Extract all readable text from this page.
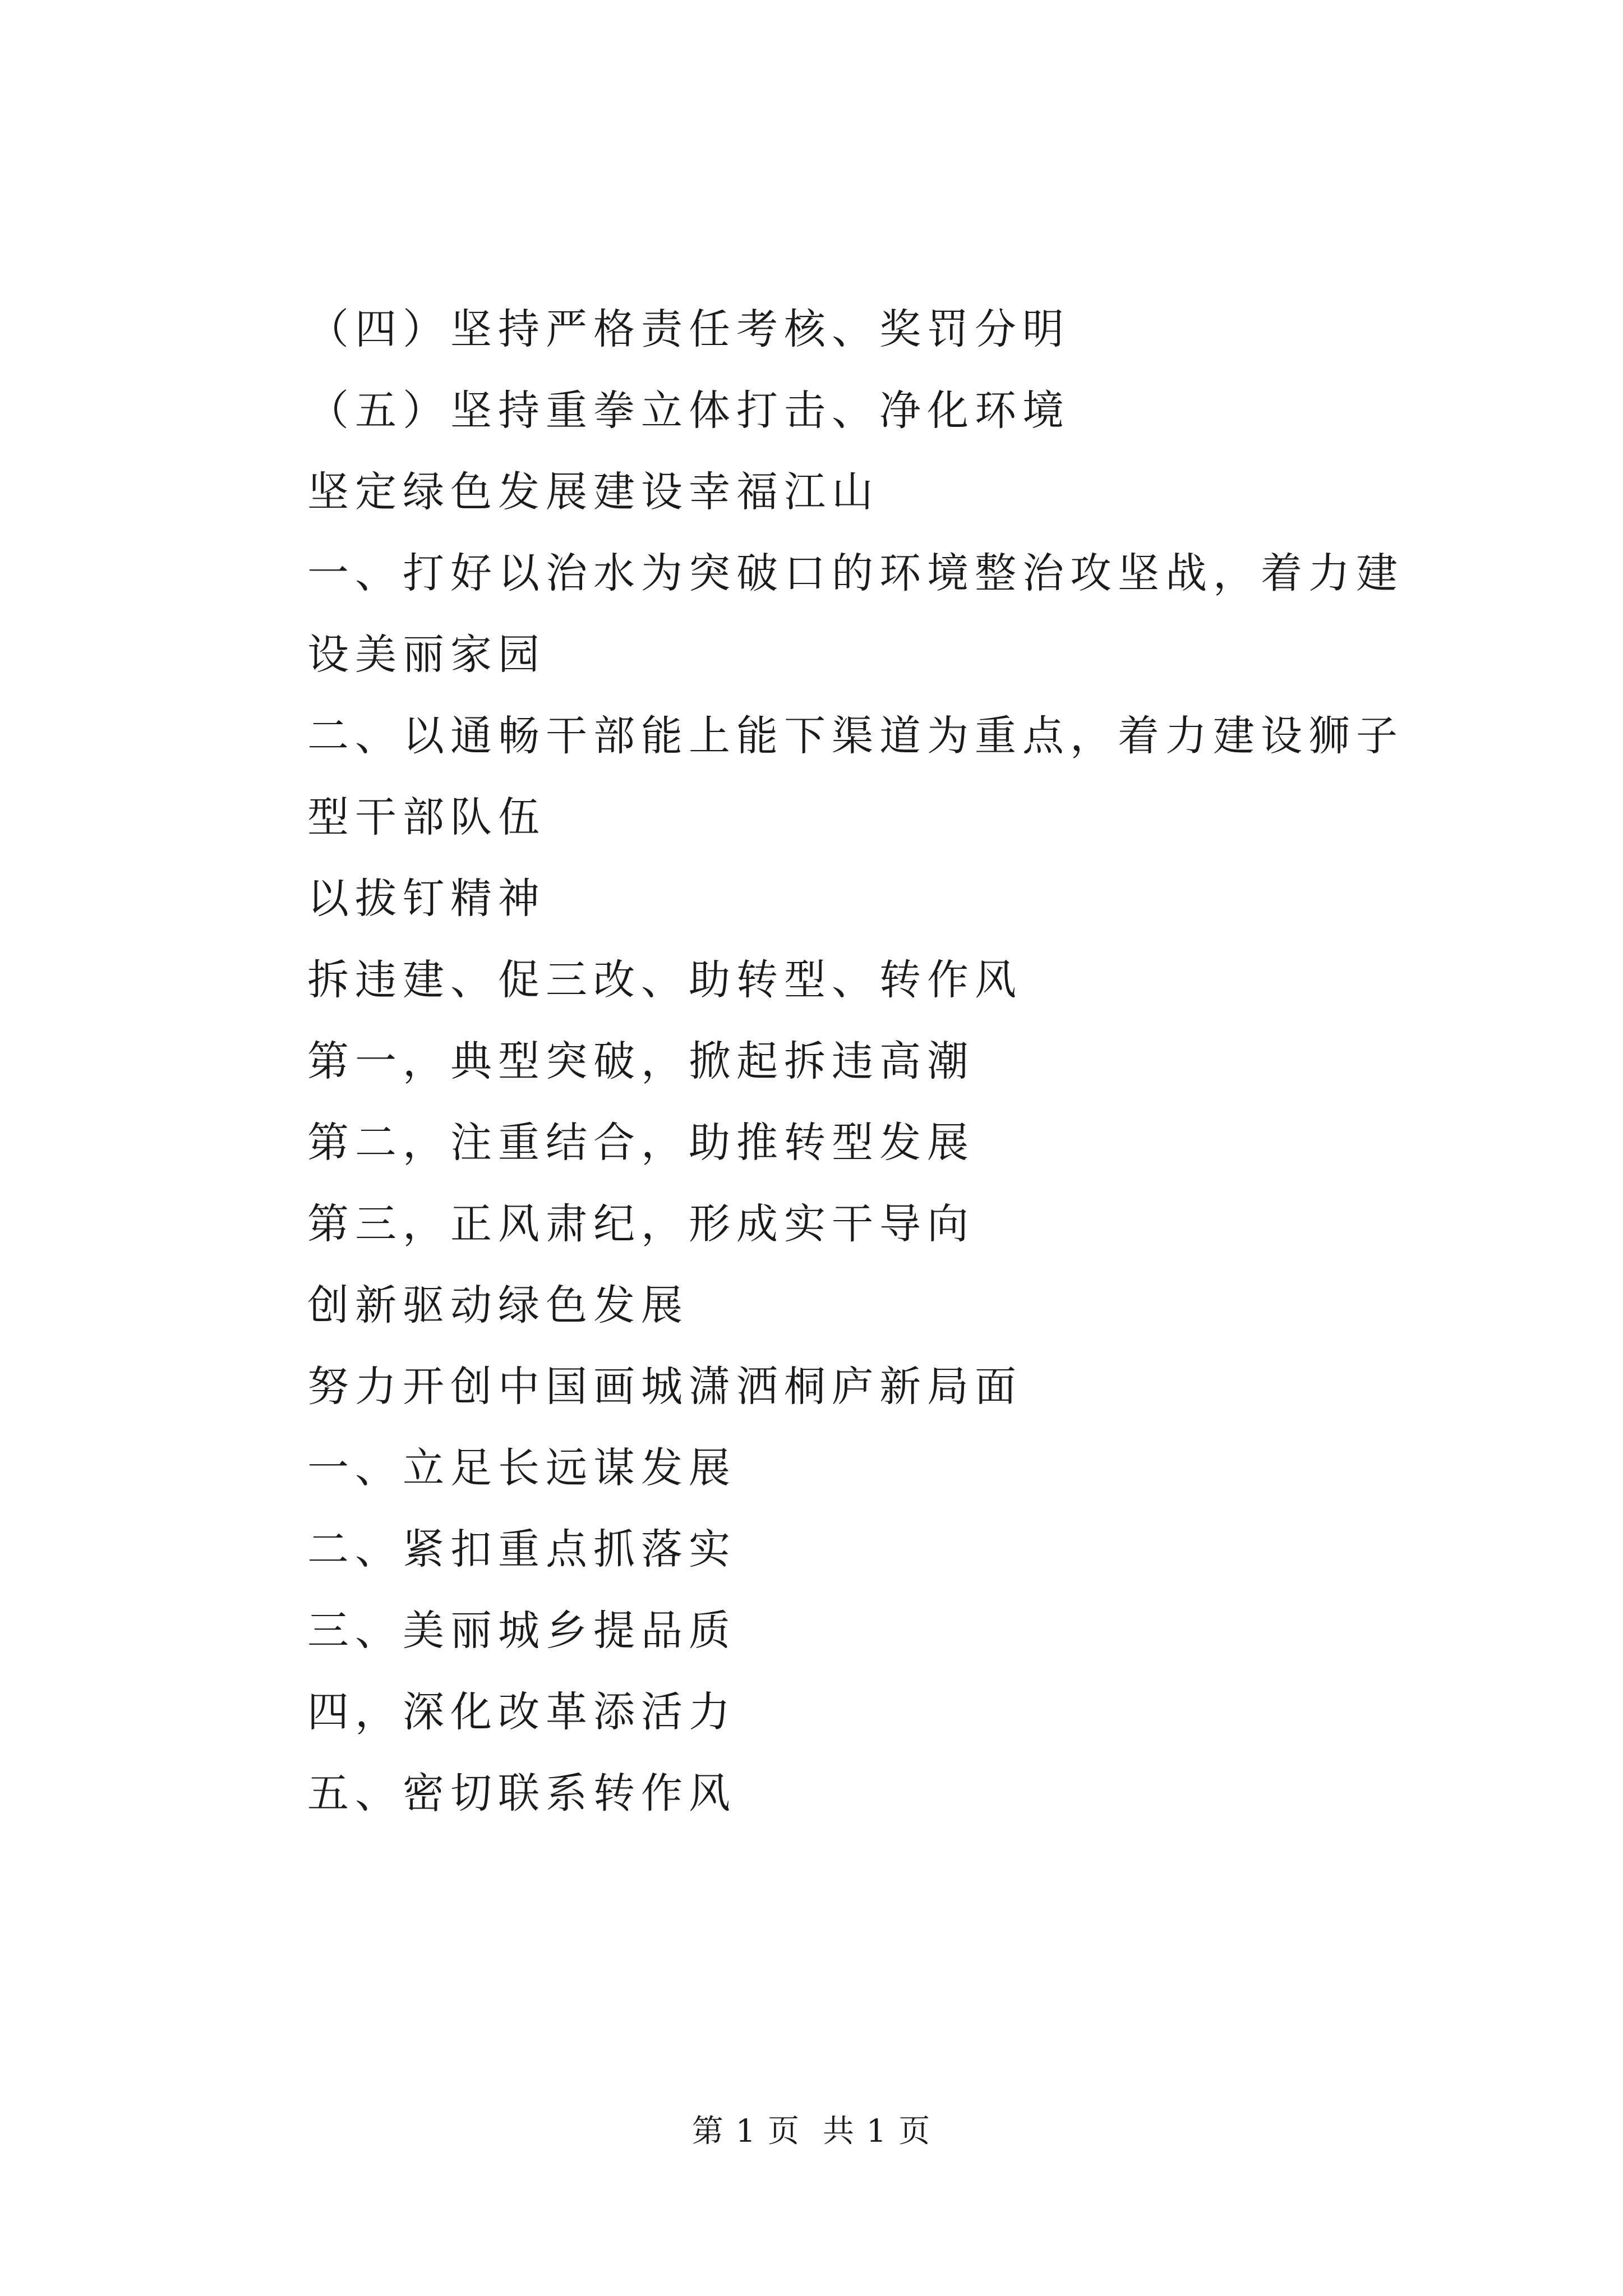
（四）坚持严格责任考核、奖罚分明

（五）坚持重拳立体打击、净化环境

坚定绿色发展建设幸福江山

一、打好以治水为突破口的环境整治攻坚战，着力建设美丽家园

二、以通畅干部能上能下渠道为重点，着力建设狮子型干部队伍

以拔钉精神

拆违建、促三改、助转型、转作风

第一，典型突破，掀起拆违高潮

第二，注重结合，助推转型发展

第三，正风肃纪，形成实干导向

创新驱动绿色发展

努力开创中国画城潇洒桐庐新局面

一、立足长远谋发展

二、紧扣重点抓落实

三、美丽城乡提品质

四，深化改革添活力

五、密切联系转作风

第 1 页 共 1 页
